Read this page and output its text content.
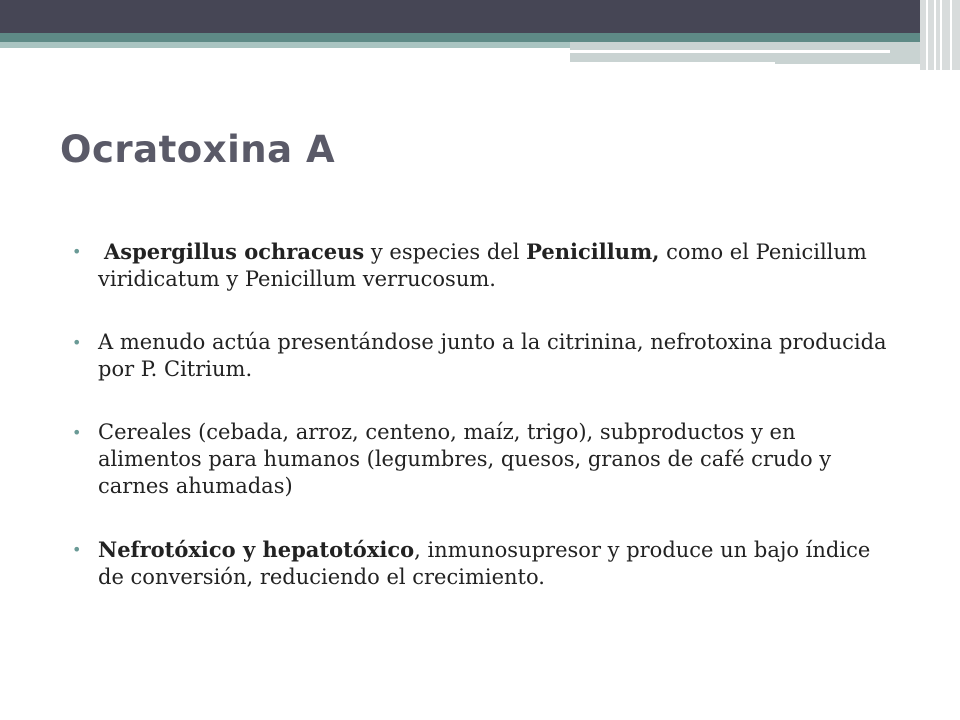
Ocratoxina A
• Aspergillus ochraceus y especies del Penicillum, como el Penicillum viridicatum y Penicillum verrucosum.
• A menudo actúa presentándose junto a la citrinina, nefrotoxina producida por P. Citrium.
• Cereales (cebada, arroz, centeno, maíz, trigo), subproductos y en alimentos para humanos (legumbres, quesos, granos de café crudo y carnes ahumadas)
• Nefrotóxico y hepatotóxico, inmunosupresor y produce un bajo índice de conversión, reduciendo el crecimiento.
